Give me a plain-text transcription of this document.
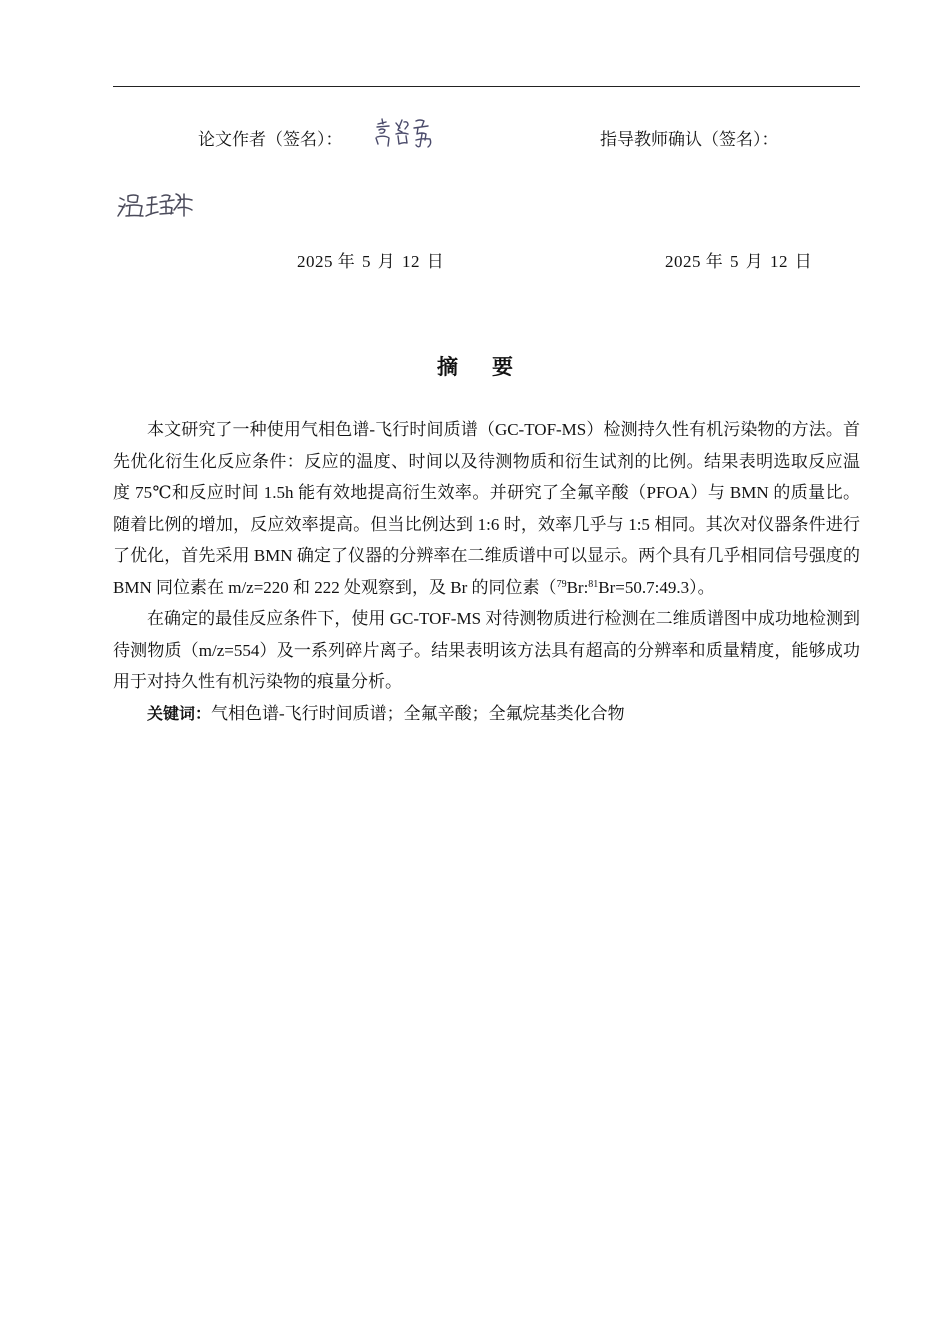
论文作者（签名）：	指导教师确认（签名）：
2025 年 5 月 12 日	2025 年 5 月 12 日
摘要

本文研究了一种使用气相色谱-飞行时间质谱（GC-TOF-MS）检测持久性有机污染物的方法。首先优化衍生化反应条件：反应的温度、时间以及待测物质和衍生试剂的比例。结果表明选取反应温度 75℃和反应时间 1.5h 能有效地提高衍生效率。并研究了全氟辛酸（PFOA）与 BMN 的质量比。随着比例的增加，反应效率提高。但当比例达到 1:6 时，效率几乎与 1:5 相同。其次对仪器条件进行了优化，首先采用 BMN 确定了仪器的分辨率在二维质谱中可以显示。两个具有几乎相同信号强度的 BMN 同位素在 m/z=220 和 222 处观察到，及 Br 的同位素（$^{79}$Br:$^{81}$Br=50.7:49.3）。

在确定的最佳反应条件下，使用 GC-TOF-MS 对待测物质进行检测在二维质谱图中成功地检测到待测物质（m/z=554）及一系列碎片离子。结果表明该方法具有超高的分辨率和质量精度，能够成功用于对持久性有机污染物的痕量分析。

关键词：气相色谱-飞行时间质谱；全氟辛酸；全氟烷基类化合物
